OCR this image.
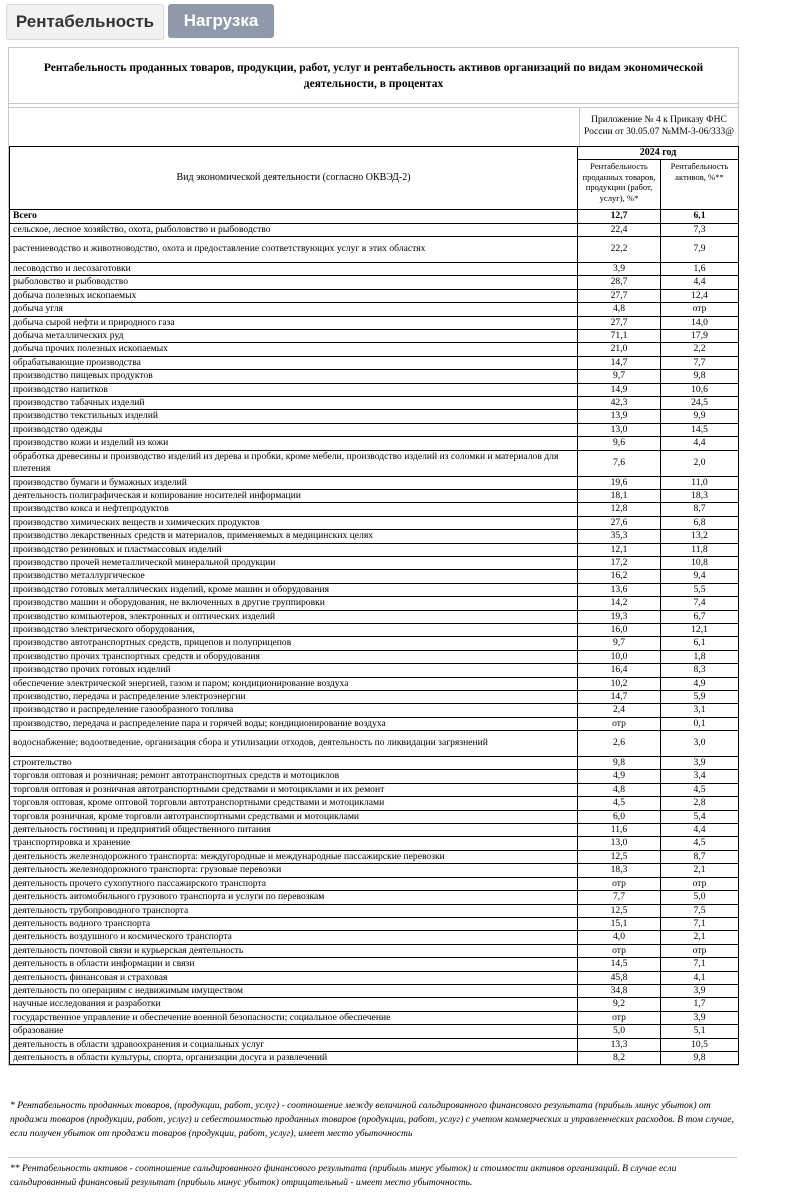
Рентабельность	Нагрузка
Рентабельность проданных товаров, продукции, работ, услуг и рентабельность активов организаций по видам экономической деятельности, в процентах
Приложение № 4 к Приказу ФНС
России от 30.05.07 №ММ-3-06/333@
Вид экономической деятельности (согласно ОКВЭД-2)	2024 год	
	Рентабельность проданных товаров, продукции (работ, услуг), %*	Рентабельность активов, %**
Всего	12,7	6,1
сельское, лесное хозяйство, охота, рыболовство и рыбоводство	22,4	7,3
растениеводство и животноводство, охота и предоставление соответствующих услуг в этих областях	22,2	7,9
лесоводство и лесозаготовки	3,9	1,6
рыболовство и рыбоводство	28,7	4,4
добыча полезных ископаемых	27,7	12,4
добыча угля	4,8	отр
добыча сырой нефти и природного газа	27,7	14,0
добыча металлических руд	71,1	17,9
добыча прочих полезных ископаемых	21,0	2,2
обрабатывающие производства	14,7	7,7
производство пищевых продуктов	9,7	9,8
производство напитков	14,9	10,6
производство табачных изделий	42,3	24,5
производство текстильных изделий	13,9	9,9
производство одежды	13,0	14,5
производство кожи и изделий из кожи	9,6	4,4
обработка древесины и производство изделий из дерева и пробки, кроме мебели, производство изделий из соломки и материалов для плетения	7,6	2,0
производство бумаги и бумажных изделий	19,6	11,0
деятельность полиграфическая и копирование носителей информации	18,1	18,3
производство кокса и нефтепродуктов	12,8	8,7
производство химических веществ и химических продуктов	27,6	6,8
производство лекарственных средств и материалов, применяемых в медицинских целях	35,3	13,2
производство резиновых и пластмассовых изделий	12,1	11,8
производство прочей неметаллической минеральной продукции	17,2	10,8
производство металлургическое	16,2	9,4
производство готовых металлических изделий, кроме машин и оборудования	13,6	5,5
производство машин и оборудования, не включенных в другие группировки	14,2	7,4
производство компьютеров, электронных и оптических изделий	19,3	6,7
производство электрического оборудования,	16,0	12,1
производство автотранспортных средств, прицепов и полуприцепов	9,7	6,1
производство прочих транспортных средств и оборудования	10,0	1,8
производство прочих готовых изделий	16,4	8,3
обеспечение электрической энергией, газом и паром; кондиционирование воздуха	10,2	4,9
производство, передача и распределение электроэнергии	14,7	5,9
производство и распределение газообразного топлива	2,4	3,1
производство, передача и распределение пара и горячей воды; кондиционирование воздуха	отр	0,1
водоснабжение; водоотведение, организация сбора и утилизации отходов, деятельность по ликвидации загрязнений	2,6	3,0
строительство	9,8	3,9
торговля оптовая и розничная; ремонт автотранспортных средств и мотоциклов	4,9	3,4
торговля оптовая и розничная автотранспортными средствами и мотоциклами и их ремонт	4,8	4,5
торговля оптовая, кроме оптовой торговли автотранспортными средствами и мотоциклами	4,5	2,8
торговля розничная, кроме торговли автотранспортными средствами и мотоциклами	6,0	5,4
деятельность гостиниц и предприятий общественного питания	11,6	4,4
транспортировка и хранение	13,0	4,5
деятельность железнодорожного транспорта: междугородные и международные пассажирские перевозки	12,5	8,7
деятельность железнодорожного транспорта: грузовые перевозки	18,3	2,1
деятельность прочего сухопутного пассажирского транспорта	отр	отр
деятельность автомобильного грузового транспорта и услуги по перевозкам	7,7	5,0
деятельность трубопроводного транспорта	12,5	7,5
деятельность водного транспорта	15,1	7,1
деятельность воздушного и космического транспорта	4,0	2,1
деятельность почтовой связи и курьерская деятельность	отр	отр
деятельность в области информации и связи	14,5	7,1
деятельность финансовая и страховая	45,8	4,1
деятельность по операциям с недвижимым имуществом	34,8	3,9
научные исследования и разработки	9,2	1,7
государственное управление и обеспечение военной безопасности; социальное обеспечение	отр	3,9
образование	5,0	5,1
деятельность в области здравоохранения и социальных услуг	13,3	10,5
деятельность в области культуры, спорта, организации досуга и развлечений	8,2	9,8
* Рентабельность проданных товаров, (продукции, работ, услуг) - соотношение между величиной сальдированного финансового результата (прибыль минус убыток) от продажи товаров (продукции, работ, услуг) и себестоимостью проданных товаров (продукции, работ, услуг) с учетом коммерческих и управленческих расходов. В том случае, если получен убыток от продажи товаров (продукции, работ, услуг), имеет место убыточность
** Рентабельность активов - соотношение сальдированного финансового результата (прибыль минус убыток) и стоимости активов организаций. В случае если сальдированный финансовый результат (прибыль минус убыток) отрицательный - имеет место убыточность.
